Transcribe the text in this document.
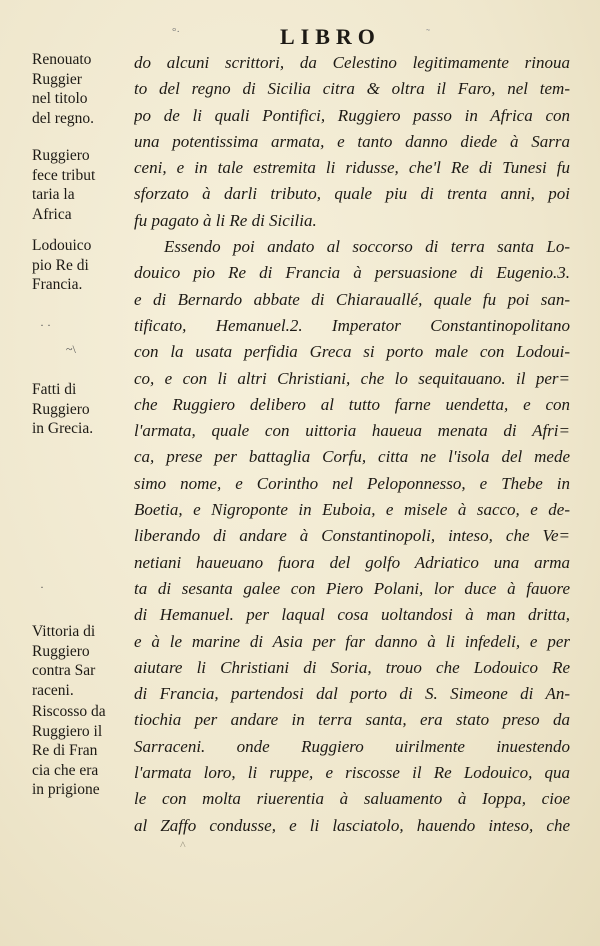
°·	LIBRO	˜
Renouato
Ruggier
nel titolo
del regno.
Ruggiero
fece tribut
taria la
Africa
Lodouico
pio Re di
Francia.
· ·
~\
Fatti di
Ruggiero
in Grecia.
·
Vittoria di
Ruggiero
contra Sar
raceni.
Riscosso da
Ruggiero il
Re di Fran
cia che era
in prigione
do alcuni scrittori, da Celestino legitimamente rinoua
to del regno di Sicilia citra & oltra il Faro, nel tem-
po de li quali Pontifici, Ruggiero passo in Africa con
una potentissima armata, e tanto danno diede à Sarra
ceni, e in tale estremita li ridusse, che'l Re di Tunesi fu
sforzato à darli tributo, quale piu di trenta anni, poi
fu pagato à li Re di Sicilia.
Essendo poi andato al soccorso di terra santa Lo-
douico pio Re di Francia à persuasione di Eugenio.3.
e di Bernardo abbate di Chiarauallé, quale fu poi san-
tificato, Hemanuel.2. Imperator Constantinopolitano
con la usata perfidia Greca si porto male con Lodoui-
co, e con li altri Christiani, che lo sequitauano. il per=
che Ruggiero delibero al tutto farne uendetta, e con
l'armata, quale con uittoria haueua menata di Afri=
ca, prese per battaglia Corfu, citta ne l'isola del mede
simo nome, e Corintho nel Peloponnesso, e Thebe in
Boetia, e Nigroponte in Euboia, e misele à sacco, e de-
liberando di andare à Constantinopoli, inteso, che Ve=
netiani haueuano fuora del golfo Adriatico una arma
ta di sesanta galee con Piero Polani, lor duce à fauore
di Hemanuel. per laqual cosa uoltandosi à man dritta,
e à le marine di Asia per far danno à li infedeli, e per
aiutare li Christiani di Soria, trouo che Lodouico Re
di Francia, partendosi dal porto di S. Simeone di An-
tiochia per andare in terra santa, era stato preso da
Sarraceni. onde Ruggiero uirilmente inuestendo
l'armata loro, li ruppe, e riscosse il Re Lodouico, qua
le con molta riuerentia à saluamento à Ioppa, cioe
al Zaffo condusse, e li lasciatolo, hauendo inteso, che
^
